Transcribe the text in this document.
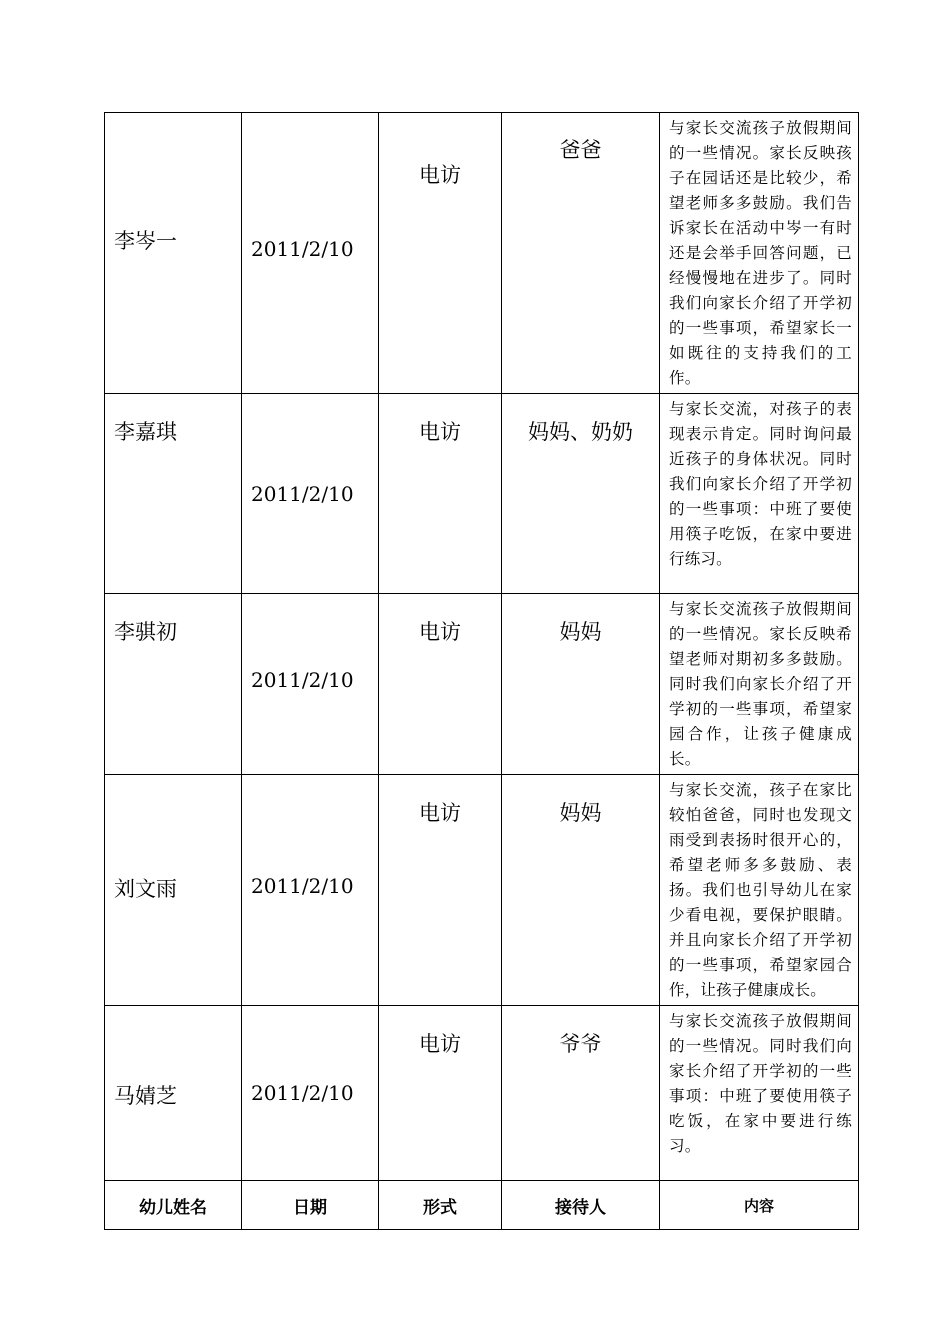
李岑一	2011/2/10	电访	爸爸	与家长交流孩子放假期间的一些情况。家长反映孩子在园话还是比较少，希望老师多多鼓励。我们告诉家长在活动中岑一有时还是会举手回答问题，已经慢慢地在进步了。同时我们向家长介绍了开学初的一些事项，希望家长一如既往的支持我们的工作。

李嘉琪	2011/2/10	电访	妈妈、奶奶	与家长交流，对孩子的表现表示肯定。同时询问最近孩子的身体状况。同时我们向家长介绍了开学初的一些事项：中班了要使用筷子吃饭，在家中要进行练习。

李骐初	2011/2/10	电访	妈妈	与家长交流孩子放假期间的一些情况。家长反映希望老师对期初多多鼓励。同时我们向家长介绍了开学初的一些事项，希望家园合作，让孩子健康成长。

刘文雨	2011/2/10	电访	妈妈	与家长交流，孩子在家比较怕爸爸，同时也发现文雨受到表扬时很开心的，希望老师多多鼓励、表扬。我们也引导幼儿在家少看电视，要保护眼睛。并且向家长介绍了开学初的一些事项，希望家园合作，让孩子健康成长。

马婧芝	2011/2/10	电访	爷爷	与家长交流孩子放假期间的一些情况。同时我们向家长介绍了开学初的一些事项：中班了要使用筷子吃饭，在家中要进行练习。

幼儿姓名	日期	形式	接待人	内容
